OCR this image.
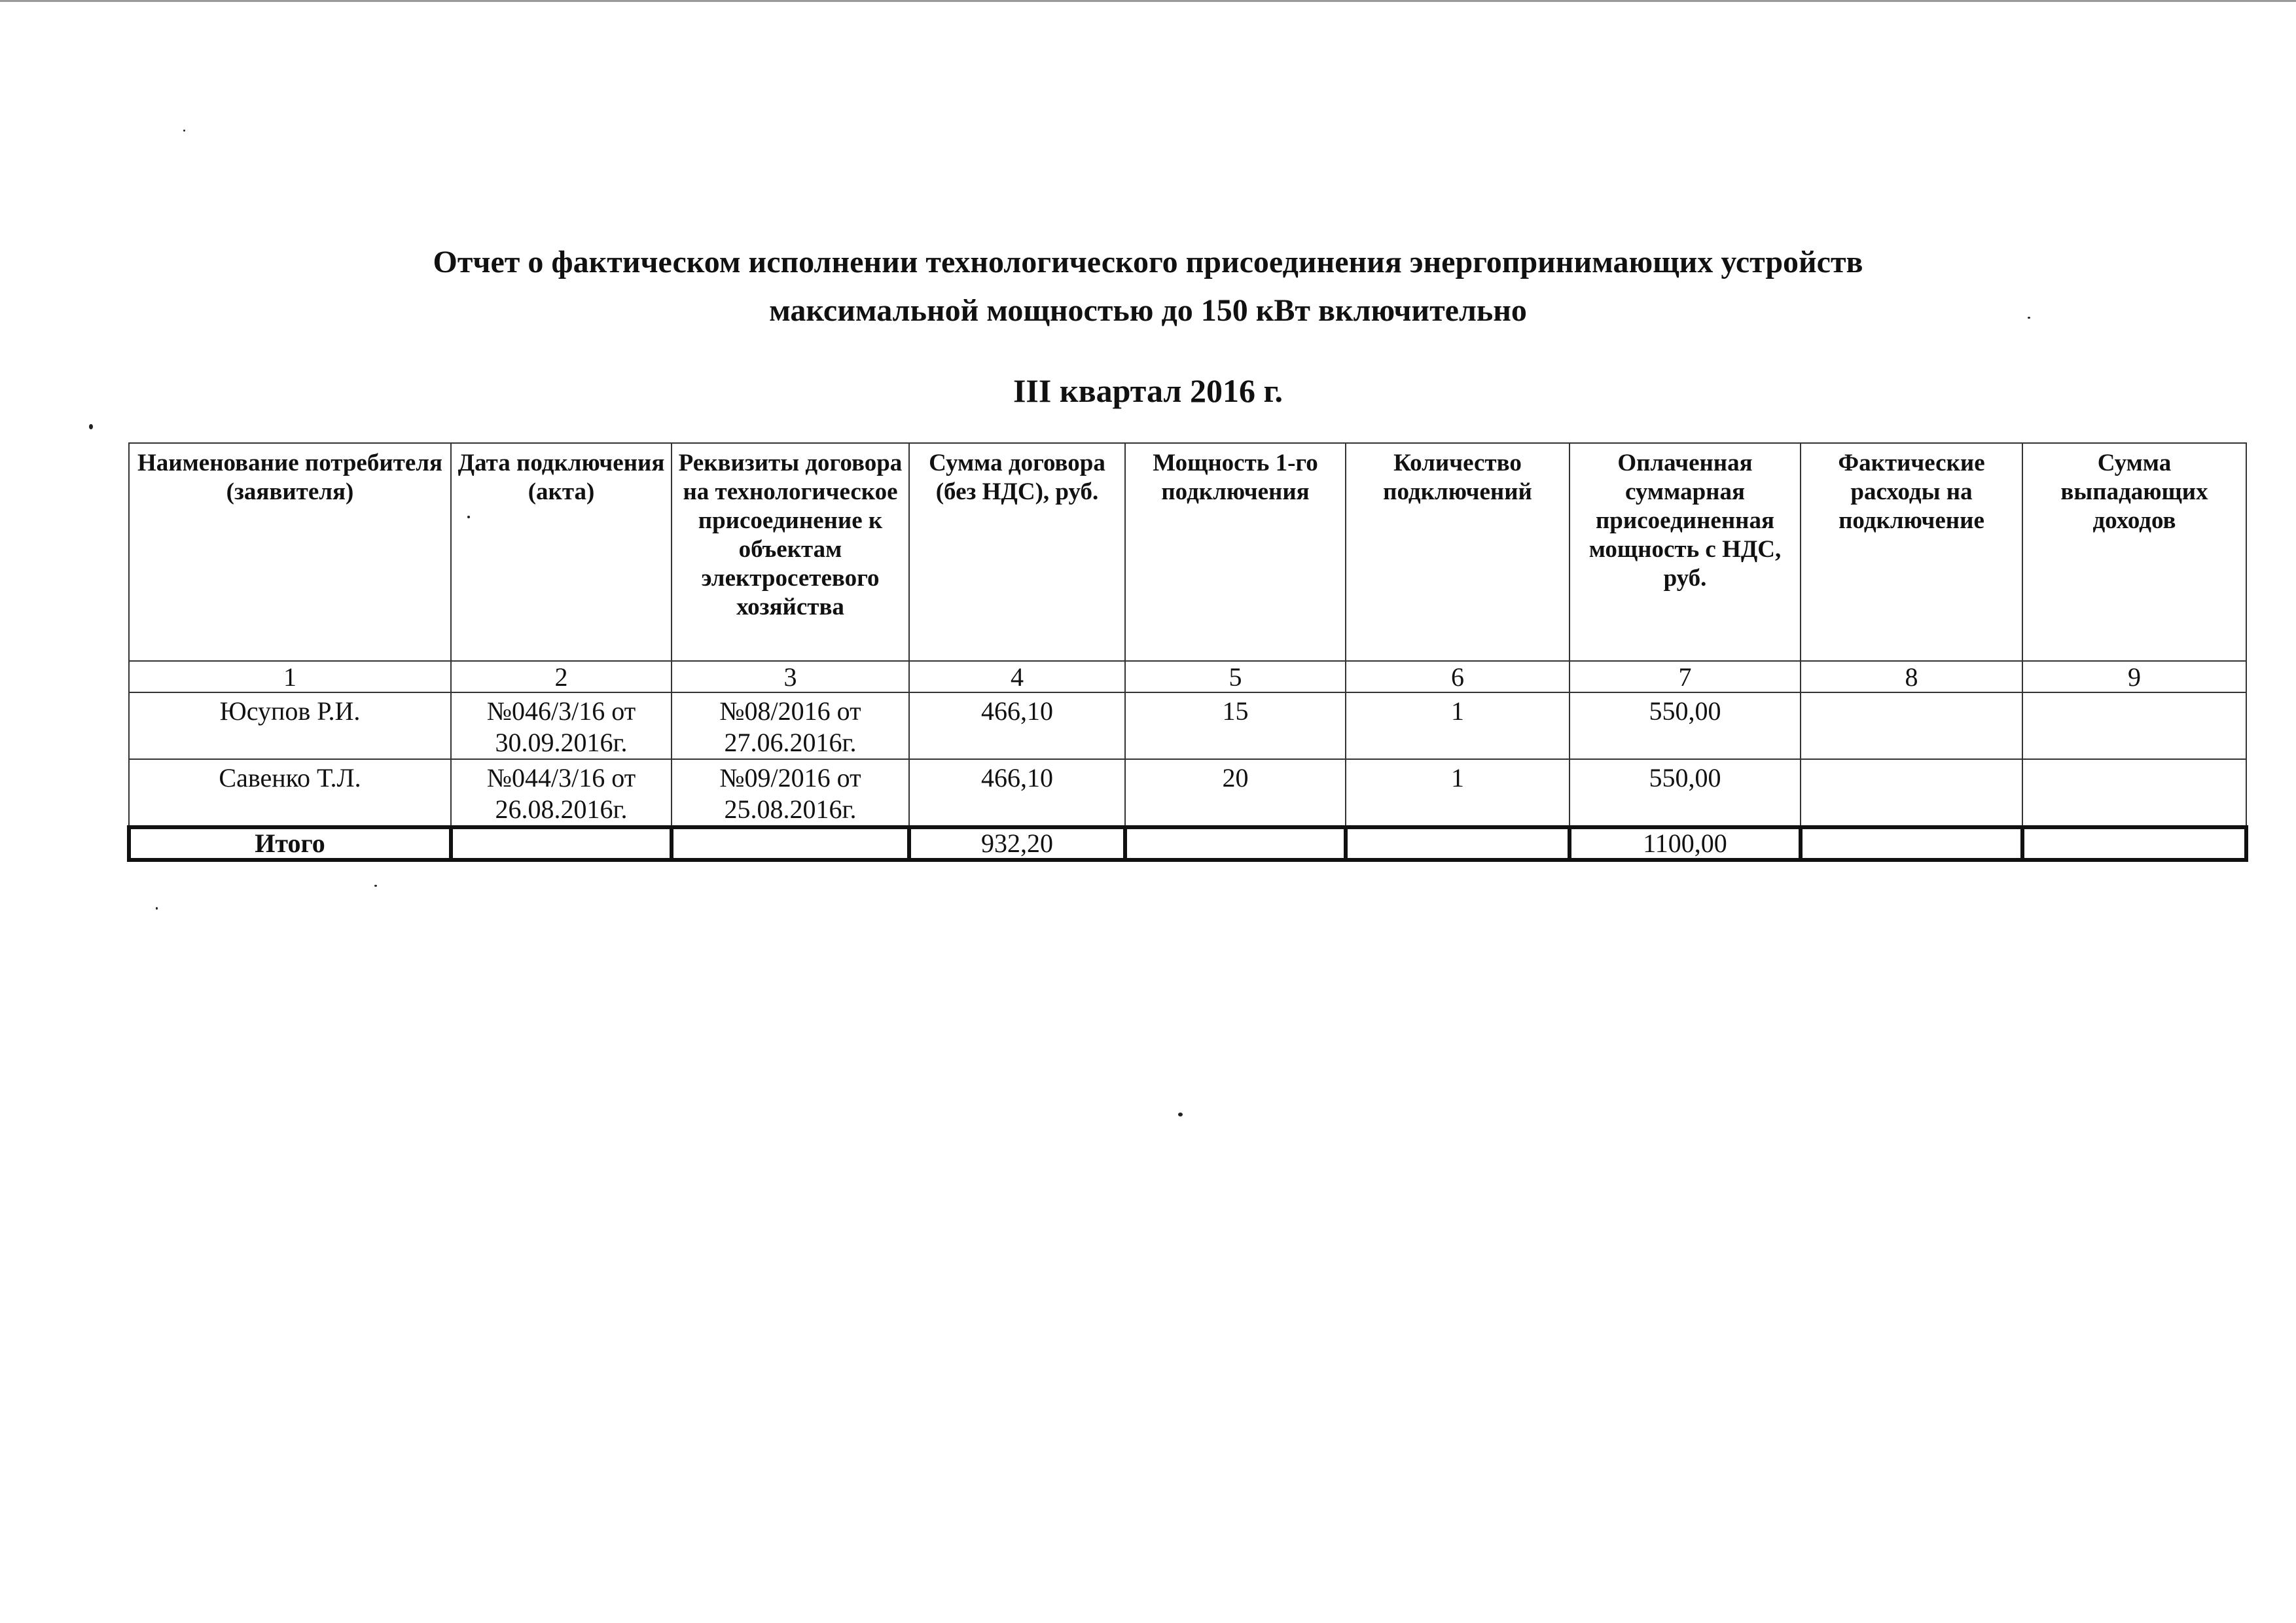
Отчет о фактическом исполнении технологического присоединения энергопринимающих устройств
максимальной мощностью до 150 кВт включительно
III квартал 2016 г.
Наименование потребителя (заявителя)	Дата подключения (акта)	Реквизиты договора на технологическое присоединение к объектам электросетевого хозяйства	Сумма договора (без НДС), руб.	Мощность 1-го подключения	Количество подключений	Оплаченная суммарная присоединенная мощность с НДС, руб.	Фактические расходы на подключение	Сумма выпадающих доходов
1	2	3	4	5	6	7	8	9
Юсупов Р.И.	№046/3/16 от 30.09.2016г.	№08/2016 от 27.06.2016г.	466,10	15	1	550,00		
Савенко Т.Л.	№044/3/16 от 26.08.2016г.	№09/2016 от 25.08.2016г.	466,10	20	1	550,00		
Итого			932,20			1100,00		
